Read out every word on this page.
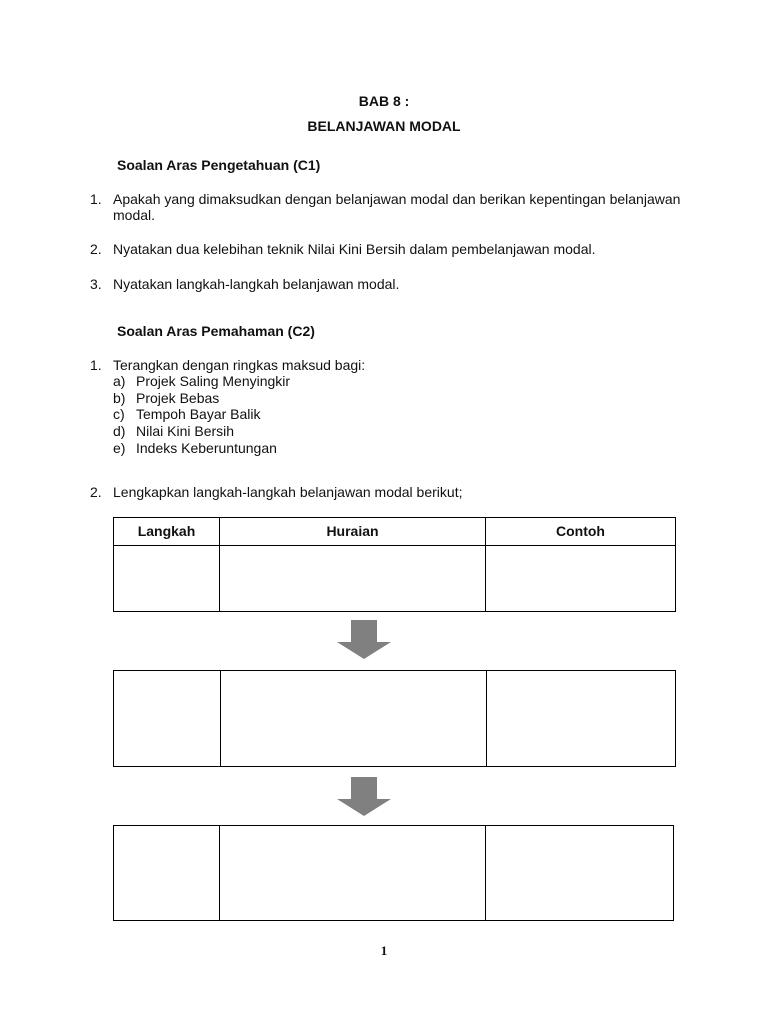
BAB 8 :
BELANJAWAN MODAL
Soalan Aras Pengetahuan (C1)
1. Apakah yang dimaksudkan dengan belanjawan modal dan berikan kepentingan belanjawan modal.
2. Nyatakan dua kelebihan teknik Nilai Kini Bersih dalam pembelanjawan modal.
3. Nyatakan langkah-langkah belanjawan modal.
Soalan Aras Pemahaman (C2)
1. Terangkan dengan ringkas maksud bagi:
a) Projek Saling Menyingkir
b) Projek Bebas
c) Tempoh Bayar Balik
d) Nilai Kini Bersih
e) Indeks Keberuntungan
2. Lengkapkan langkah-langkah belanjawan modal berikut;
Langkah	Huraian	Contoh
1
